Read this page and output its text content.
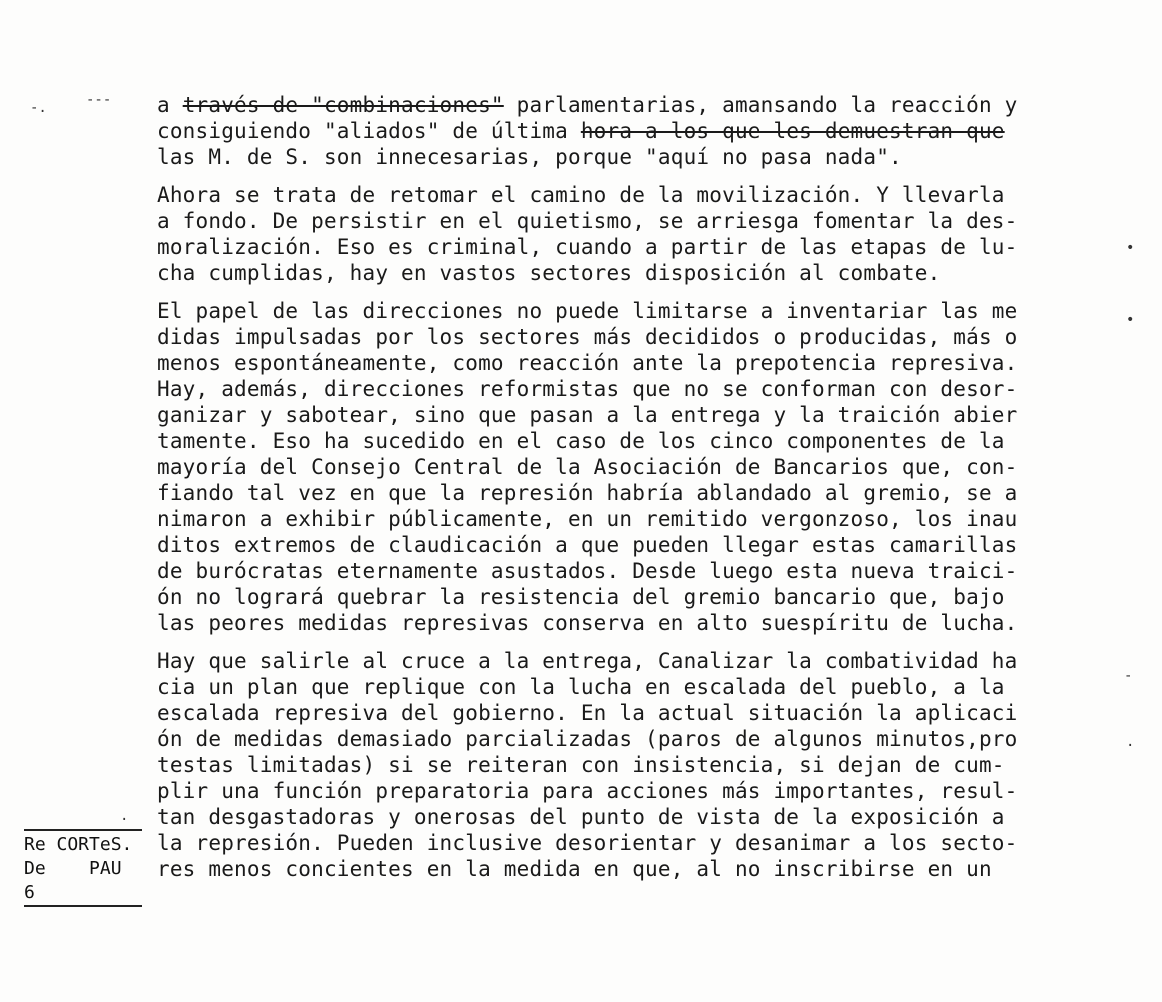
-.	---
•
•
-
.
.
a través de "combinaciones" parlamentarias, amansando la reacción y
consiguiendo "aliados" de última hora a los que les demuestran que
las M. de S. son innecesarias, porque "aquí no pasa nada".
Ahora se trata de retomar el camino de la movilización. Y llevarla
a fondo. De persistir en el quietismo, se arriesga fomentar la des-
moralización. Eso es criminal, cuando a partir de las etapas de lu-
cha cumplidas, hay en vastos sectores disposición al combate.
El papel de las direcciones no puede limitarse a inventariar las me
didas impulsadas por los sectores más decididos o producidas, más o
menos espontáneamente, como reacción ante la prepotencia represiva.
Hay, además, direcciones reformistas que no se conforman con desor-
ganizar y sabotear, sino que pasan a la entrega y la traición abier
tamente. Eso ha sucedido en el caso de los cinco componentes de la
mayoría del Consejo Central de la Asociación de Bancarios que, con-
fiando tal vez en que la represión habría ablandado al gremio, se a
nimaron a exhibir públicamente, en un remitido vergonzoso, los inau
ditos extremos de claudicación a que pueden llegar estas camarillas
de burócratas eternamente asustados. Desde luego esta nueva traici-
ón no logrará quebrar la resistencia del gremio bancario que, bajo
las peores medidas represivas conserva en alto suespíritu de lucha.
Hay que salirle al cruce a la entrega, Canalizar la combatividad ha
cia un plan que replique con la lucha en escalada del pueblo, a la
escalada represiva del gobierno. En la actual situación la aplicaci
ón de medidas demasiado parcializadas (paros de algunos minutos,pro
testas limitadas) si se reiteran con insistencia, si dejan de cum-
plir una función preparatoria para acciones más importantes, resul-
tan desgastadoras y onerosas del punto de vista de la exposición a
la represión. Pueden inclusive desorientar y desanimar a los secto-
res menos concientes en la medida en que, al no inscribirse en un
Re CORTeS.
De    PAU
6
